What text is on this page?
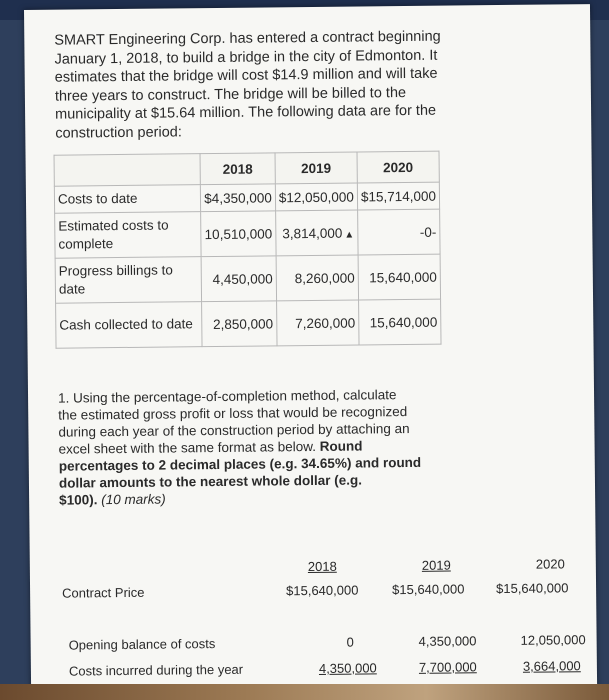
SMART Engineering Corp. has entered a contract beginning

January 1, 2018, to build a bridge in the city of Edmonton. It

estimates that the bridge will cost $14.9 million and will take

three years to construct. The bridge will be billed to the

municipality at $15.64 million. The following data are for the

construction period:

	2018	2019	2020
Costs to date	$4,350,000	$12,050,000	$15,714,000
Estimated costs to complete	10,510,000	3,814,000 ▲	-0-
Progress billings to date	4,450,000	8,260,000	15,640,000
Cash collected to date	2,850,000	7,260,000	15,640,000

1. Using the percentage-of-completion method, calculate

the estimated gross profit or loss that would be recognized

during each year of the construction period by attaching an

excel sheet with the same format as below. Round

percentages to 2 decimal places (e.g. 34.65%) and round

dollar amounts to the nearest whole dollar (e.g.

$100). (10 marks)

2018	2019	2020
Contract Price	$15,640,000	$15,640,000 $15,640,000
Opening balance of costs	0	4,350,000	12,050,000
Costs incurred during the year	4,350,000	7,700,000	3,664,000
